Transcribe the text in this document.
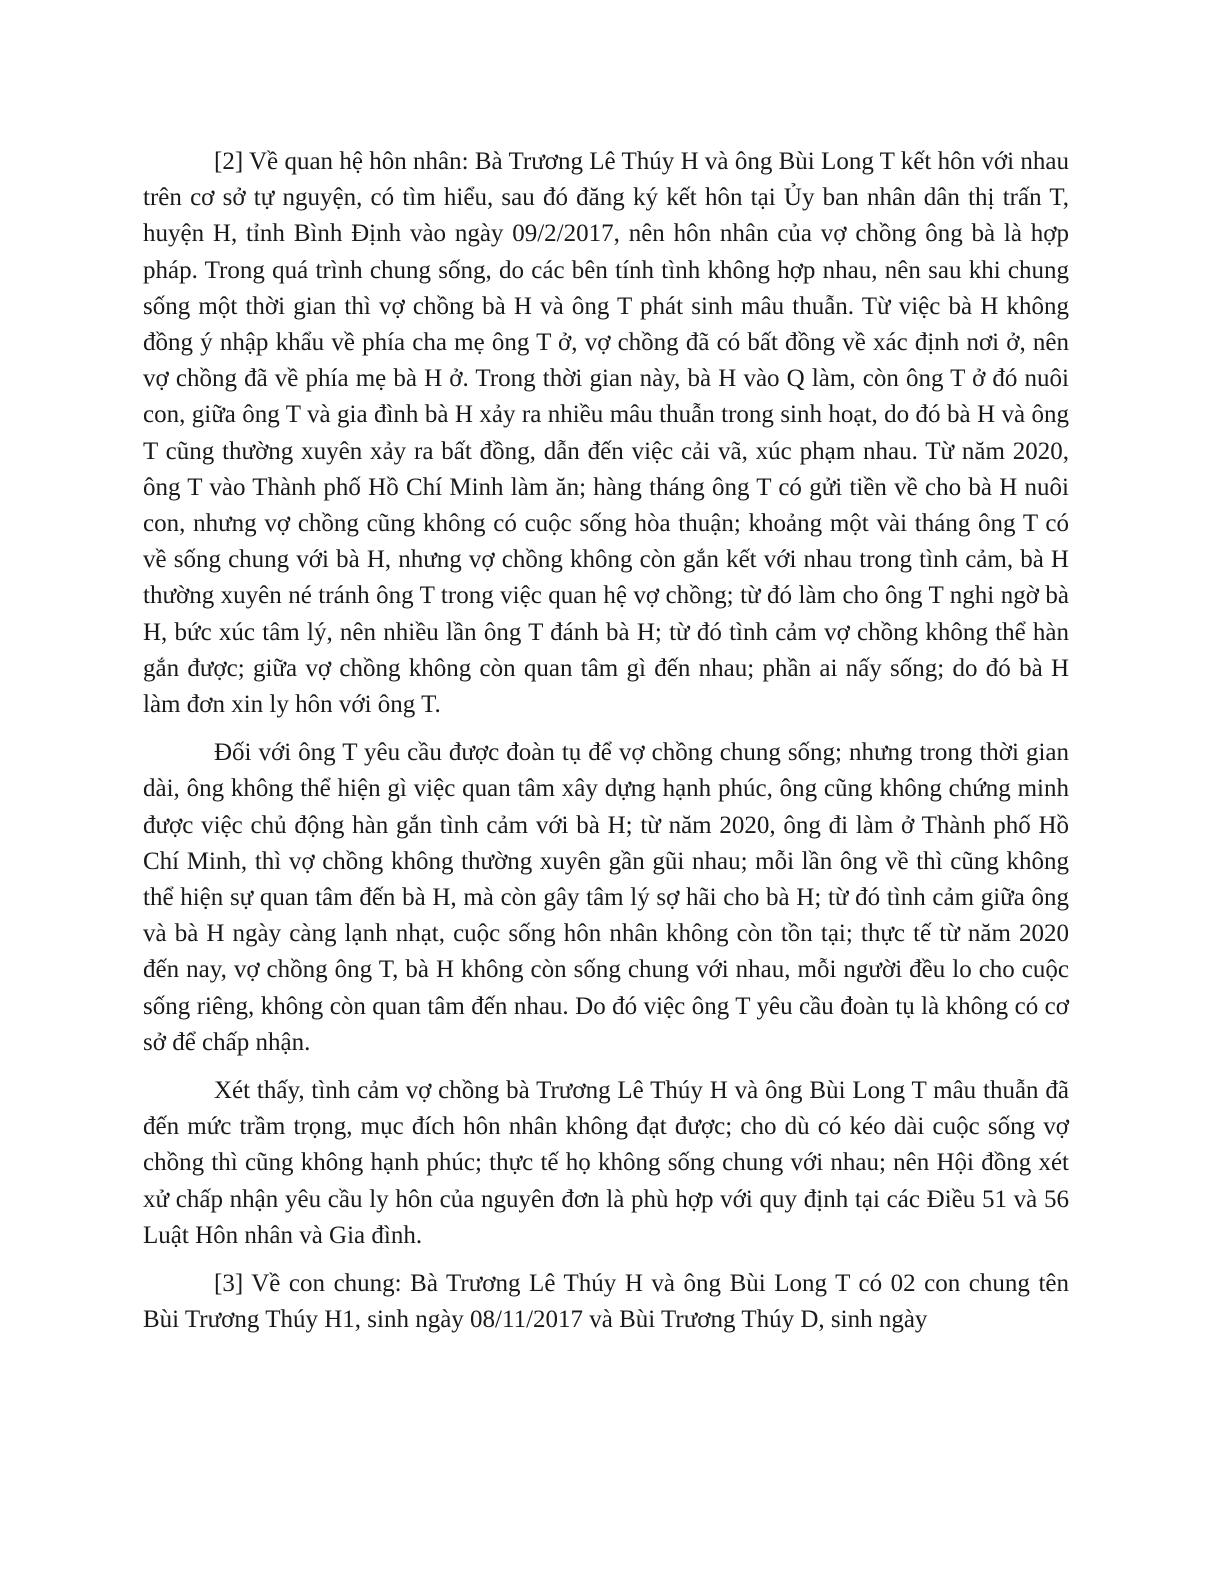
[2] Về quan hệ hôn nhân: Bà Trương Lê Thúy H và ông Bùi Long T kết hôn với nhau trên cơ sở tự nguyện, có tìm hiểu, sau đó đăng ký kết hôn tại Ủy ban nhân dân thị trấn T, huyện H, tỉnh Bình Định vào ngày 09/2/2017, nên hôn nhân của vợ chồng ông bà là hợp pháp. Trong quá trình chung sống, do các bên tính tình không hợp nhau, nên sau khi chung sống một thời gian thì vợ chồng bà H và ông T phát sinh mâu thuẫn. Từ việc bà H không đồng ý nhập khẩu về phía cha mẹ ông T ở, vợ chồng đã có bất đồng về xác định nơi ở, nên vợ chồng đã về phía mẹ bà H ở. Trong thời gian này, bà H vào Q làm, còn ông T ở đó nuôi con, giữa ông T và gia đình bà H xảy ra nhiều mâu thuẫn trong sinh hoạt, do đó bà H và ông T cũng thường xuyên xảy ra bất đồng, dẫn đến việc cải vã, xúc phạm nhau. Từ năm 2020, ông T vào Thành phố Hồ Chí Minh làm ăn; hàng tháng ông T có gửi tiền về cho bà H nuôi con, nhưng vợ chồng cũng không có cuộc sống hòa thuận; khoảng một vài tháng ông T có về sống chung với bà H, nhưng vợ chồng không còn gắn kết với nhau trong tình cảm, bà H thường xuyên né tránh ông T trong việc quan hệ vợ chồng; từ đó làm cho ông T nghi ngờ bà H, bức xúc tâm lý, nên nhiều lần ông T đánh bà H; từ đó tình cảm vợ chồng không thể hàn gắn được; giữa vợ chồng không còn quan tâm gì đến nhau; phần ai nấy sống; do đó bà H làm đơn xin ly hôn với ông T.

Đối với ông T yêu cầu được đoàn tụ để vợ chồng chung sống; nhưng trong thời gian dài, ông không thể hiện gì việc quan tâm xây dựng hạnh phúc, ông cũng không chứng minh được việc chủ động hàn gắn tình cảm với bà H; từ năm 2020, ông đi làm ở Thành phố Hồ Chí Minh, thì vợ chồng không thường xuyên gần gũi nhau; mỗi lần ông về thì cũng không thể hiện sự quan tâm đến bà H, mà còn gây tâm lý sợ hãi cho bà H; từ đó tình cảm giữa ông và bà H ngày càng lạnh nhạt, cuộc sống hôn nhân không còn tồn tại; thực tế từ năm 2020 đến nay, vợ chồng ông T, bà H không còn sống chung với nhau, mỗi người đều lo cho cuộc sống riêng, không còn quan tâm đến nhau. Do đó việc ông T yêu cầu đoàn tụ là không có cơ sở để chấp nhận.

Xét thấy, tình cảm vợ chồng bà Trương Lê Thúy H và ông Bùi Long T mâu thuẫn đã đến mức trầm trọng, mục đích hôn nhân không đạt được; cho dù có kéo dài cuộc sống vợ chồng thì cũng không hạnh phúc; thực tế họ không sống chung với nhau; nên Hội đồng xét xử chấp nhận yêu cầu ly hôn của nguyên đơn là phù hợp với quy định tại các Điều 51 và 56 Luật Hôn nhân và Gia đình.

[3] Về con chung: Bà Trương Lê Thúy H và ông Bùi Long T có 02 con chung tên Bùi Trương Thúy H1, sinh ngày 08/11/2017 và Bùi Trương Thúy D, sinh ngày
